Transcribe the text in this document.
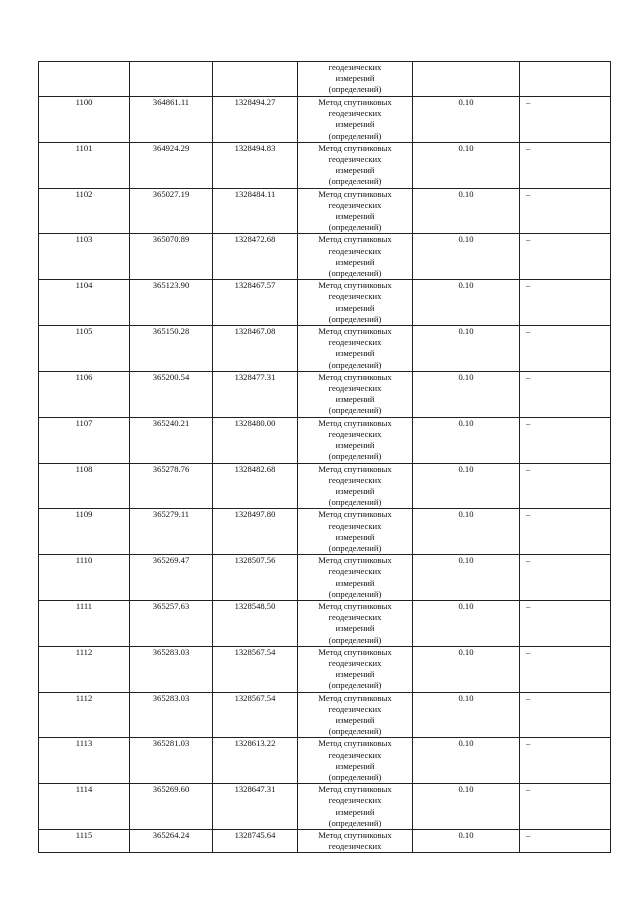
			геодезических
измерений
(определений)		

1100	364861.11	1328494.27	Метод спутниковых
геодезических
измерений
(определений)	0.10	–
1101	364924.29	1328494.83	Метод спутниковых
геодезических
измерений
(определений)	0.10	–
1102	365027.19	1328484.11	Метод спутниковых
геодезических
измерений
(определений)	0.10	–
1103	365070.89	1328472.68	Метод спутниковых
геодезических
измерений
(определений)	0.10	–
1104	365123.90	1328467.57	Метод спутниковых
геодезических
измерений
(определений)	0.10	–
1105	365150.28	1328467.08	Метод спутниковых
геодезических
измерений
(определений)	0.10	–
1106	365200.54	1328477.31	Метод спутниковых
геодезических
измерений
(определений)	0.10	–
1107	365240.21	1328480.00	Метод спутниковых
геодезических
измерений
(определений)	0.10	–
1108	365278.76	1328482.68	Метод спутниковых
геодезических
измерений
(определений)	0.10	–
1109	365279.11	1328497.80	Метод спутниковых
геодезических
измерений
(определений)	0.10	–
1110	365269.47	1328507.56	Метод спутниковых
геодезических
измерений
(определений)	0.10	–
1111	365257.63	1328548.50	Метод спутниковых
геодезических
измерений
(определений)	0.10	–
1112	365283.03	1328567.54	Метод спутниковых
геодезических
измерений
(определений)	0.10	–
1112	365283.03	1328567.54	Метод спутниковых
геодезических
измерений
(определений)	0.10	–
1113	365281.03	1328613.22	Метод спутниковых
геодезических
измерений
(определений)	0.10	–
1114	365269.60	1328647.31	Метод спутниковых
геодезических
измерений
(определений)	0.10	–
1115	365264.24	1328745.64	Метод спутниковых
геодезических	0.10	–
